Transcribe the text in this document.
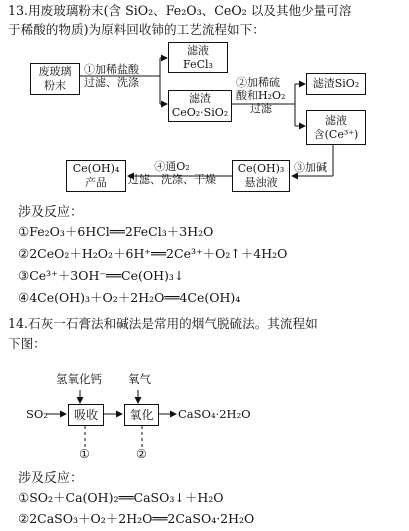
13.用废玻璃粉末(含 SiO₂、Fe₂O₃、CeO₂ 以及其他少量可溶
于稀酸的物质)为原料回收铈的工艺流程如下：
废玻璃
粉末
①加稀盐酸
过滤、洗涤
滤液
FeCl₃
滤渣
CeO₂·SiO₂
②加稀硫
酸和H₂O₂
过滤
滤渣SiO₂
滤液
含(Ce³⁺)
③加碱
Ce(OH)₃
悬浊液
④通O₂
过滤、洗涤、干燥
Ce(OH)₄
产品
涉及反应：
①Fe₂O₃＋6HCl══2FeCl₃＋3H₂O
②2CeO₂＋H₂O₂＋6H⁺══2Ce³⁺＋O₂↑＋4H₂O
③Ce³⁺＋3OH⁻══Ce(OH)₃↓
④4Ce(OH)₃＋O₂＋2H₂O══4Ce(OH)₄
14.石灰一石膏法和碱法是常用的烟气脱硫法。其流程如
下图：
氢氧化钙 氧气
SO₂ 吸收	氧化 CaSO₄·2H₂O
①	②
涉及反应：
①SO₂＋Ca(OH)₂══CaSO₃↓＋H₂O
②2CaSO₃＋O₂＋2H₂O══2CaSO₄·2H₂O
